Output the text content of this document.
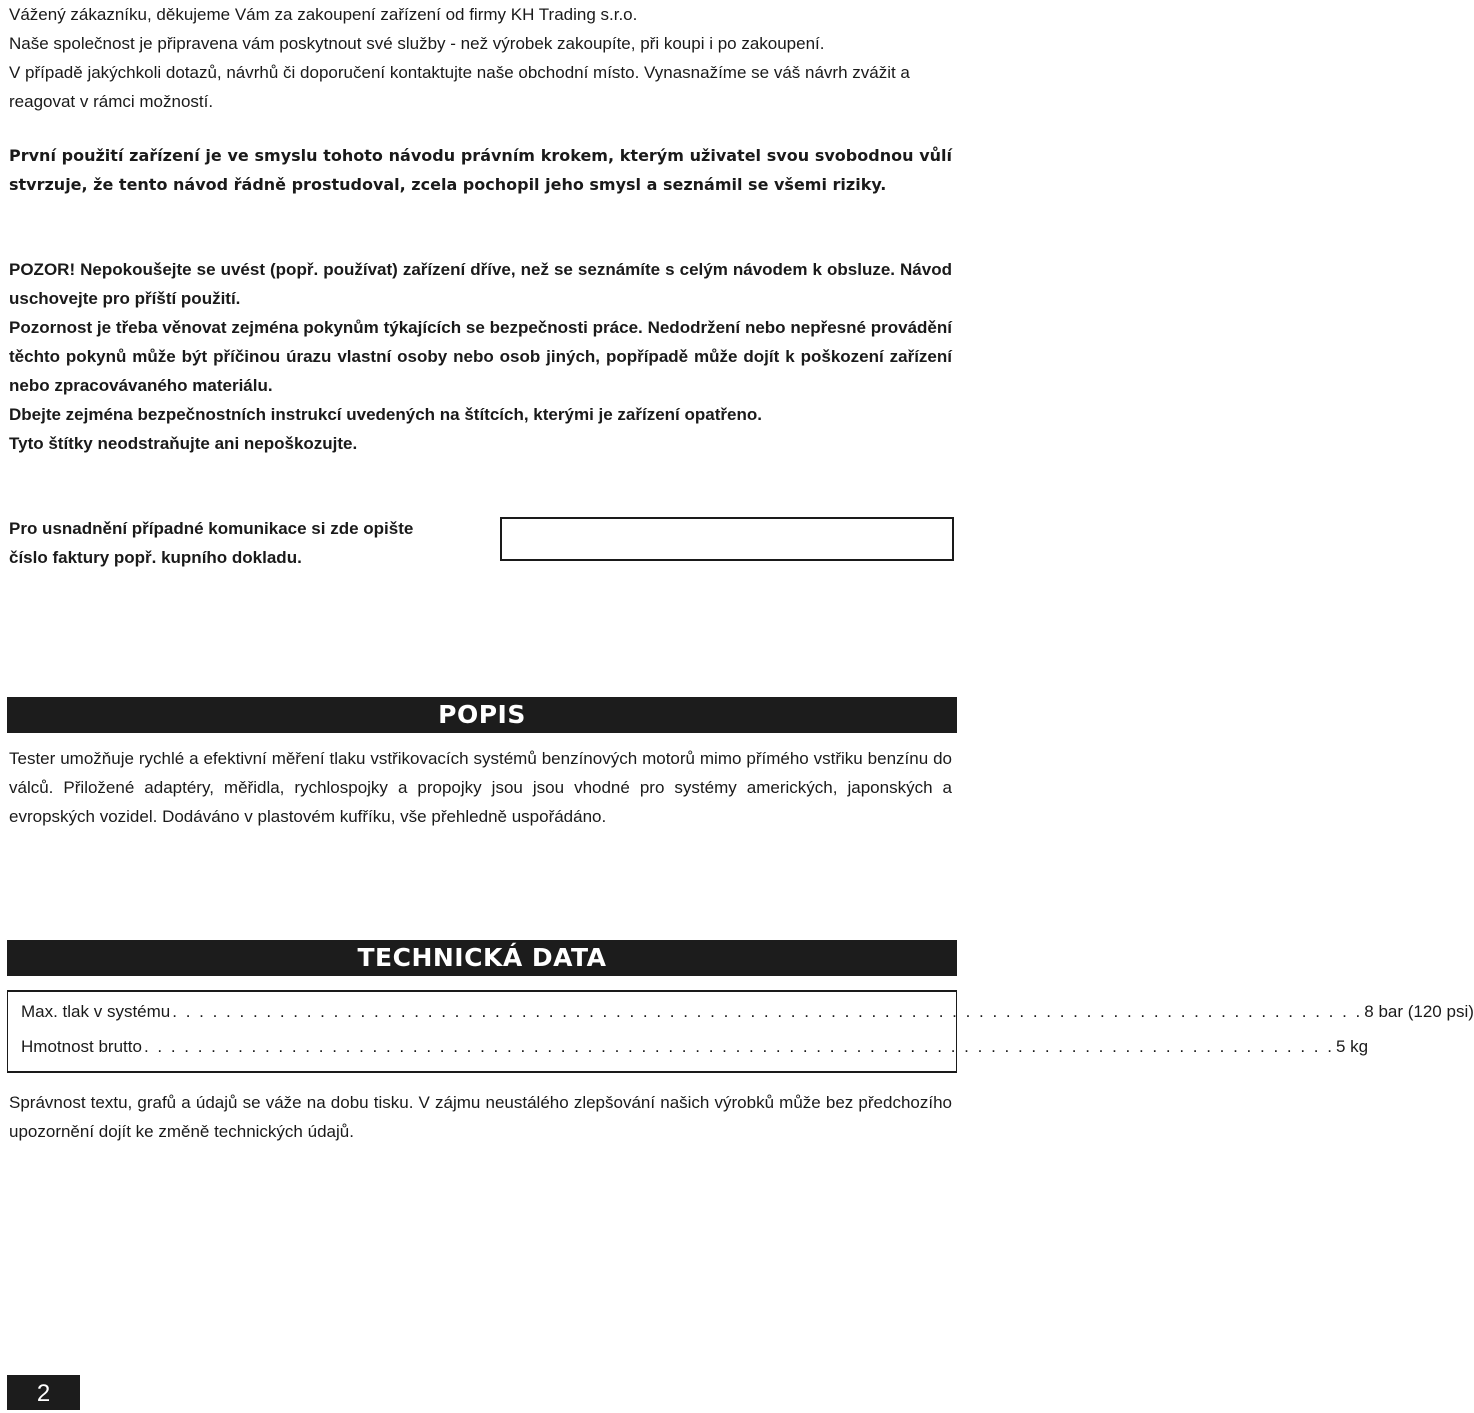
Vážený zákazníku, děkujeme Vám za zakoupení zařízení od firmy KH Trading s.r.o.
Naše společnost je připravena vám poskytnout své služby - než výrobek zakoupíte, při koupi i po zakoupení.
V případě jakýchkoli dotazů, návrhů či doporučení kontaktujte naše obchodní místo. Vynasnažíme se váš návrh zvážit a reagovat v rámci možností.

První použití zařízení je ve smyslu tohoto návodu právním krokem, kterým uživatel svou svobodnou vůlí stvrzuje, že tento návod řádně prostudoval, zcela pochopil jeho smysl a seznámil se všemi riziky.

POZOR! Nepokoušejte se uvést (popř. používat) zařízení dříve, než se seznámíte s celým návodem k obsluze. Návod uschovejte pro příští použití.
Pozornost je třeba věnovat zejména pokynům týkajících se bezpečnosti práce. Nedodržení nebo nepřesné provádění těchto pokynů může být příčinou úrazu vlastní osoby nebo osob jiných, popřípadě může dojít k poškození zařízení nebo zpracovávaného materiálu.
Dbejte zejména bezpečnostních instrukcí uvedených na štítcích, kterými je zařízení opatřeno.
Tyto štítky neodstraňujte ani nepoškozujte.
Pro usnadnění případné komunikace si zde opište
číslo faktury popř. kupního dokladu.
POPIS

Tester umožňuje rychlé a efektivní měření tlaku vstřikovacích systémů benzínových motorů mimo přímého vstřiku benzínu do válců. Přiložené adaptéry, měřidla, rychlospojky a propojky jsou jsou vhodné pro systémy amerických, japonských a evropských vozidel. Dodáváno v plastovém kufříku, vše přehledně uspořádáno.

TECHNICKÁ DATA
Max. tlak v systému . . . . . . . . . . . . . . . . . . . . . . . . . . . . . . . . . . . . . . . . . . . . . . . . . . . . . . . . . . . . . . . . . . . . . . . . . . . . . . . . . . . . . . . . . 8 bar (120 psi)
Hmotnost brutto . . . . . . . . . . . . . . . . . . . . . . . . . . . . . . . . . . . . . . . . . . . . . . . . . . . . . . . . . . . . . . . . . . . . . . . . . . . . . . . . . . . . . . . . . 5 kg

Správnost textu, grafů a údajů se váže na dobu tisku. V zájmu neustálého zlepšování našich výrobků může bez předchozího upozornění dojít ke změně technických údajů.

2
